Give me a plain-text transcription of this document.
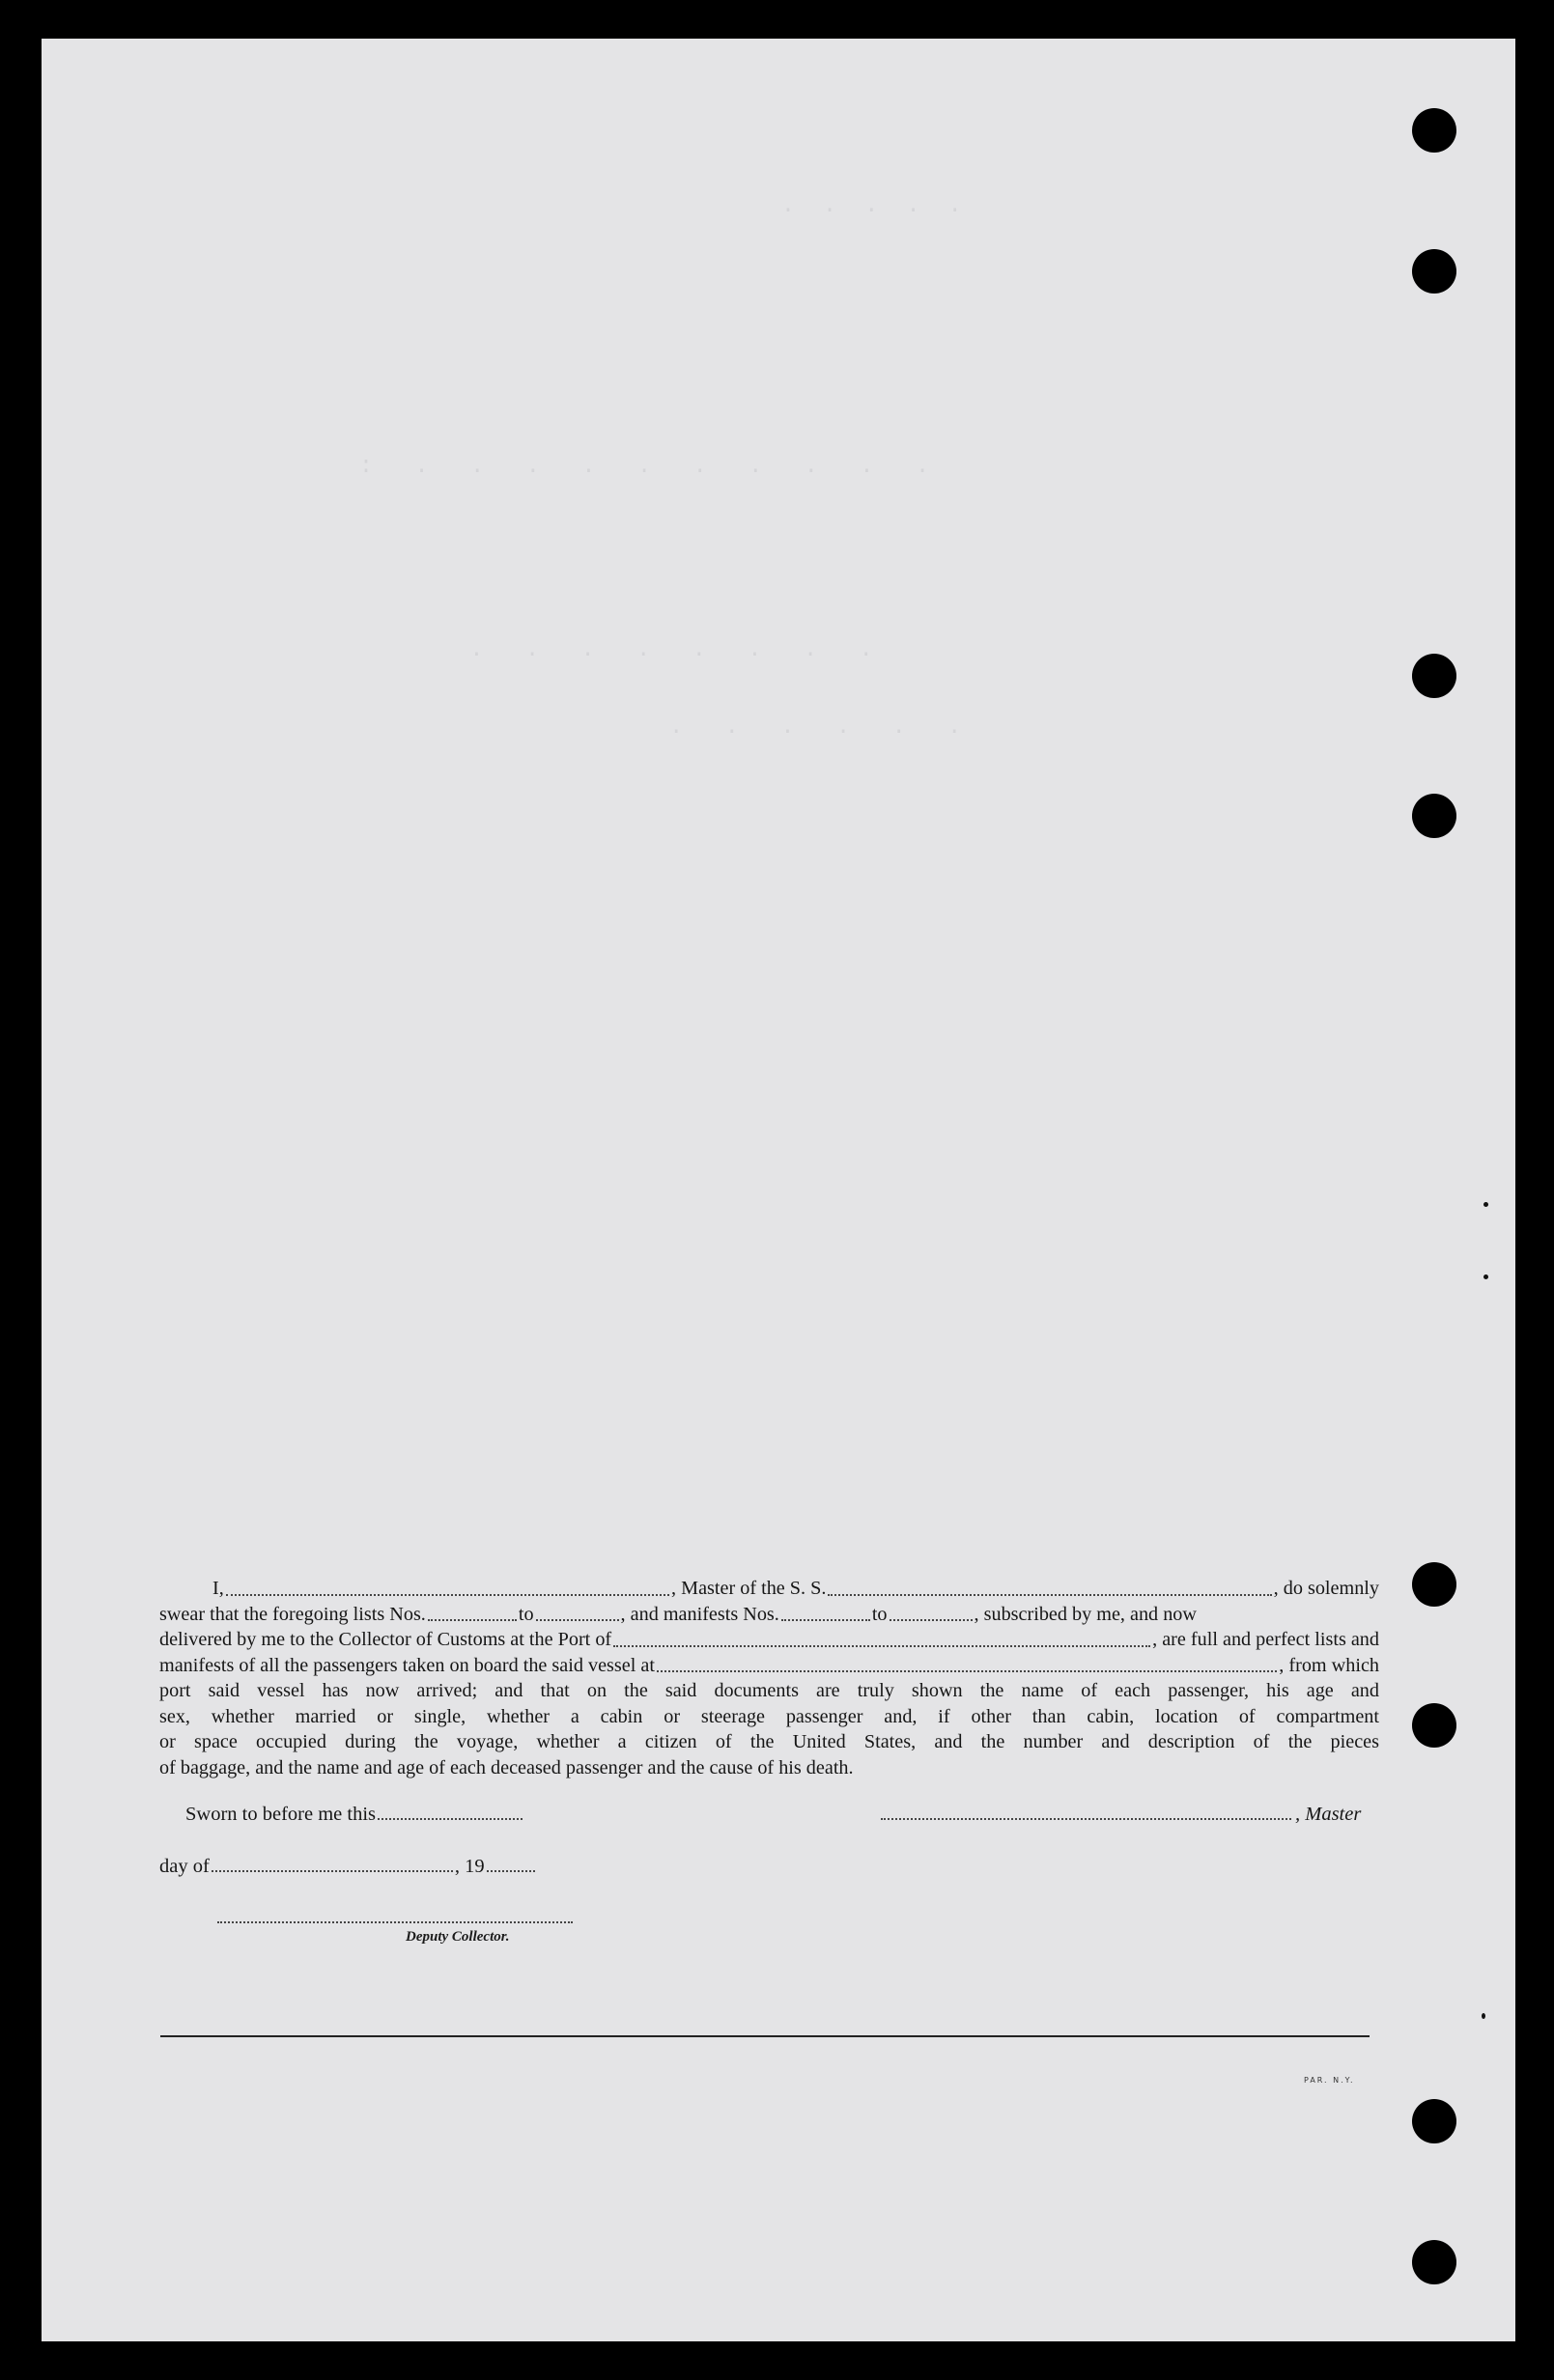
.  .  .  .  .
:   .   .   .   .   .   .   .   .   .   .
.   .   .   .   .   .   .   .
.   .   .   .   .   .
I,	, Master of the S. S.	, do solemnly
swear that the foregoing lists Nos.	to	, and manifests Nos.	to	, subscribed by me, and now
delivered by me to the Collector of Customs at the Port of	, are full and perfect lists and
manifests of all the passengers taken on board the said vessel at	, from which
port said vessel has now arrived; and that on the said documents are truly shown the name of each passenger, his age and
sex, whether married or single, whether a cabin or steerage passenger and, if other than cabin, location of compartment
or space occupied during the voyage, whether a citizen of the United States, and the number and description of the pieces
of baggage, and the name and age of each deceased passenger and the cause of his death.
Sworn to before me this	, Master
day of	, 19
Deputy Collector.
PAR. N.Y.
